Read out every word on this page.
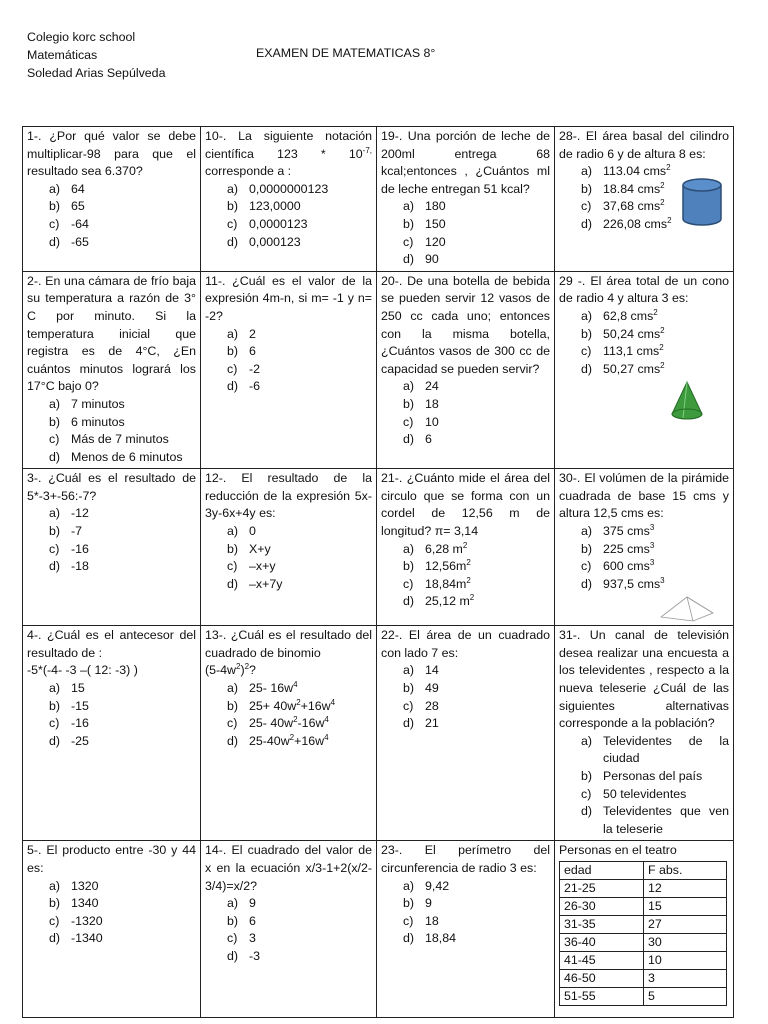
Colegio korc school
Matemáticas
Soledad Arias Sepúlveda
EXAMEN DE MATEMATICAS 8°
1-. ¿Por qué valor se debe multiplicar-98 para que el resultado sea 6.370?
a) 64
b) 65
c) -64
d) -65

10-. La siguiente notación científica $123 * 10^{-7,}$ corresponde a :
a) 0,0000000123
b) 123,0000
c) 0,0000123
d) 0,000123

19-. Una porción de leche de 200ml entrega 68 kcal;entonces , ¿Cuántos ml de leche entregan 51 kcal?
a) 180
b) 150
c) 120
d) 90

28-. El área basal del cilindro de radio 6 y de altura 8 es:
a) 113.04 cms$^2$
b) 18.84 cms$^2$
c) 37,68 cms$^2$
d) 226,08 cms$^2$

2-. En una cámara de frío baja su temperatura a razón de 3° C por minuto. Si la temperatura inicial que registra es de 4°C, ¿En cuántos minutos logrará los 17°C bajo 0?
a) 7 minutos
b) 6 minutos
c) Más de 7 minutos
d) Menos de 6 minutos

11-. ¿Cuál es el valor de la expresión 4m-n, si m= -1 y n= -2?
a) 2
b) 6
c) -2
d) -6

20-. De una botella de bebida se pueden servir 12 vasos de 250 cc cada uno; entonces con la misma botella, ¿Cuántos vasos de 300 cc de capacidad se pueden servir?
a) 24
b) 18
c) 10
d) 6

29 -. El área total de un cono de radio 4 y altura 3 es:
a) 62,8 cms$^2$
b) 50,24 cms$^2$
c) 113,1 cms$^2$
d) 50,27 cms$^2$

3-. ¿Cuál es el resultado de 5*-3+-56:-7?
a) -12
b) -7
c) -16
d) -18

12-. El resultado de la reducción de la expresión 5x-3y-6x+4y es:
a) 0
b) X+y
c) –x+y
d) –x+7y

21-. ¿Cuánto mide el área del circulo que se forma con un cordel de 12,56 m de longitud? π= 3,14
a) 6,28 $m^2$
b) $12,56m^2$
c) $18,84m^2$
d) 25,12 $m^2$

30-. El volúmen de la pirámide cuadrada de base 15 cms y altura 12,5 cms es:
a) 375 cms$^3$
b) 225 cms$^3$
c) 600 cms$^3$
d) 937,5 cms$^3$

4-. ¿Cuál es el antecesor del resultado de :
-5*(-4- -3 –( 12: -3) )
a) 15
b) -15
c) -16
d) -25

13-. ¿Cuál es el resultado del cuadrado de binomio
$(5-4w^2)^2$?
a) 25- $16w^4$
b) $25+ 40w^2+16w^4$
c) 25- $40w^2-16w^4$
d) $25-40w^2+16w^4$

22-. El área de un cuadrado con lado 7 es:
a) 14
b) 49
c) 28
d) 21

31-. Un canal de televisión desea realizar una encuesta a los televidentes , respecto a la nueva teleserie ¿Cuál de las siguientes alternativas corresponde a la población?
a) Televidentes de la ciudad
b) Personas del país
c) 50 televidentes
d) Televidentes que ven la teleserie

5-. El producto entre -30 y 44 es:
a) 1320
b) 1340
c) -1320
d) -1340

14-. El cuadrado del valor de x en la ecuación x/3-1+2(x/2-3/4)=x/2?
a) 9
b) 6
c) 3
d) -3

23-. El perímetro del circunferencia de radio 3 es:
a) 9,42
b) 9
c) 18
d) 18,84

Personas en el teatro
edad	F abs.
21-25	12
26-30	15
31-35	27
36-40	30
41-45	10
46-50	3
51-55	5
